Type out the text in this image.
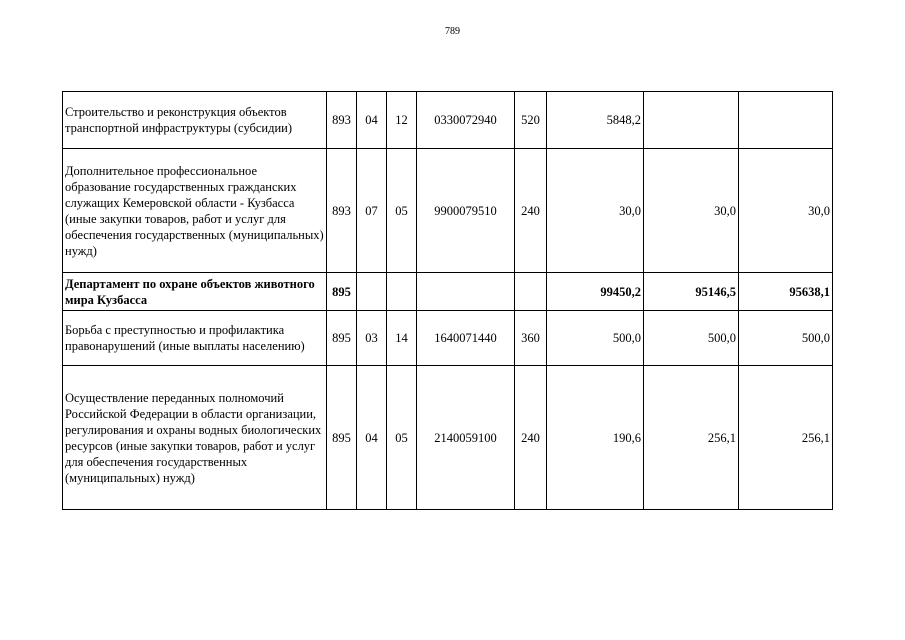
789
Строительство и реконструкция объектов транспортной инфраструктуры (субсидии)	893	04	12	0330072940	520	5848,2		
Дополнительное профессиональное образование государственных гражданских служащих Кемеровской области - Кузбасса (иные закупки товаров, работ и услуг для обеспечения государственных (муниципальных) нужд)	893	07	05	9900079510	240	30,0	30,0	30,0
Департамент по охране объектов животного мира Кузбасса	895					99450,2	95146,5	95638,1
Борьба с преступностью и профилактика правонарушений (иные выплаты населению)	895	03	14	1640071440	360	500,0	500,0	500,0
Осуществление переданных полномочий Российской Федерации в области организации, регулирования и охраны водных биологических ресурсов (иные закупки товаров, работ и услуг для обеспечения государственных (муниципальных) нужд)	895	04	05	2140059100	240	190,6	256,1	256,1
